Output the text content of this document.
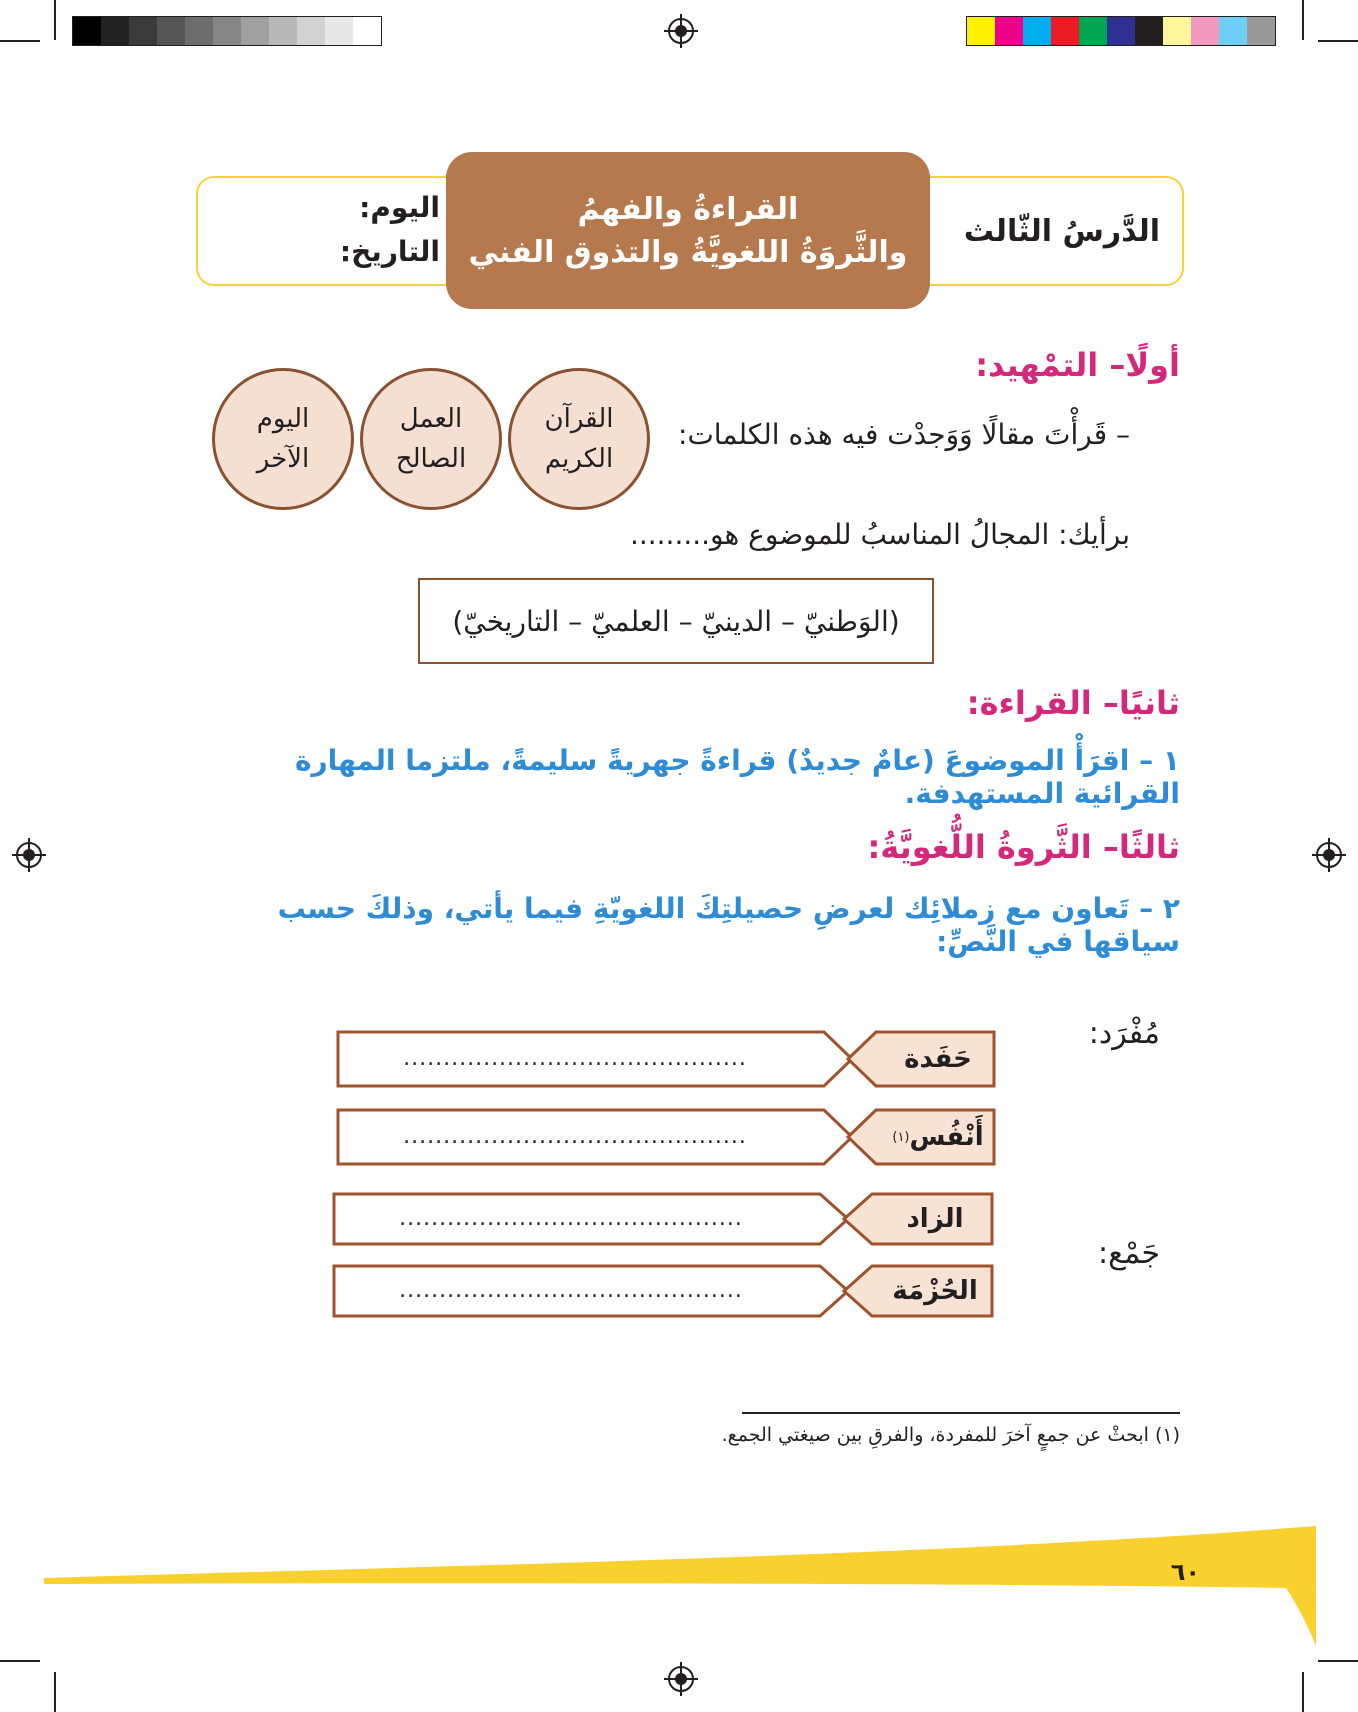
الدَّرسُ الثّالث
اليوم:
التاريخ:
القراءةُ والفهمُ
والثَّروَةُ اللغويَّةُ والتذوق الفني
أولًا– التمْهيد:
– قَرأْتَ مقالًا وَوَجدْت فيه هذه الكلمات:
القرآن
الكريم
العمل
الصالح
اليوم
الآخر
برأيك: المجالُ المناسبُ للموضوع هو.........
(الوَطنيّ – الدينيّ – العلميّ – التاريخيّ)
ثانيًا– القراءة:
١ – اقرَأْ الموضوعَ (عامٌ جديدٌ) قراءةً جهريةً سليمةً، ملتزما المهارة القرائية المستهدفة.
ثالثًا– الثَّروةُ اللُّغويَّةُ:
٢ – تَعاون مع زملائِك لعرضِ حصيلتِكَ اللغويّةِ فيما يأتي، وذلكَ حسب سياقها في النَّصِّ:
مُفْرَد:
جَمْع:
...........................................	حَفَدة
...........................................	أَنْفُس
(١)
...........................................	الزاد
...........................................	الحُزْمَة
(١) ابحثْ عن جمعٍ آخرَ للمفردة، والفرقِ بين صيغتي الجمع.
٦٠
